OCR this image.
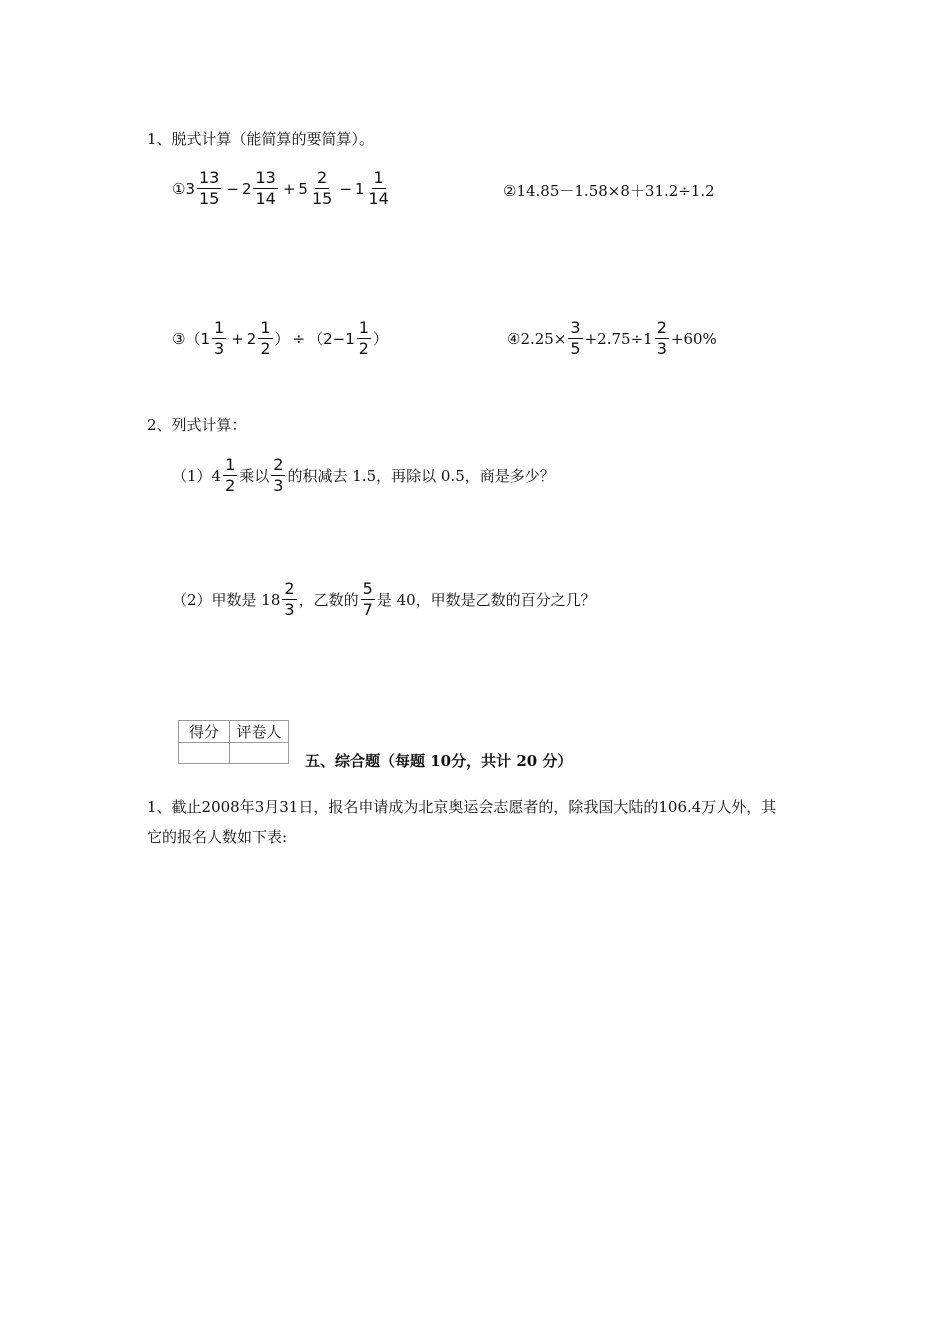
1、脱式计算（能简算的要简算）。
① $3 \frac{13}{15} - 2 \frac{13}{14} + 5 \frac{2}{15} - 1 \frac{1}{14}$	②14.85－1.58×8＋31.2÷1.2
③ （ $1 \frac{1}{3} + 2 \frac{1}{2}$ ） ÷ （ $2-1 \frac{1}{2}$ ）	④2.25× $\frac{3}{5} +2.75\div 1 \frac{2}{3} +60\%$
2、列式计算：
$(1)4 \frac{1}{2}$ 乘以 $\frac{2}{3}$ 的积减去 1.5，再除以 0.5，商是多少？
（2）甲数是 $18 \frac{2}{3}$ ，乙数的 $\frac{5}{7}$ 是 40，甲数是乙数的百分之几？
得分	评卷人

五、综合题（每题 10分，共计 20 分）
1、截止2008年3月31日，报名申请成为北京奥运会志愿者的，除我国大陆的106.4万人外，其
它的报名人数如下表:
